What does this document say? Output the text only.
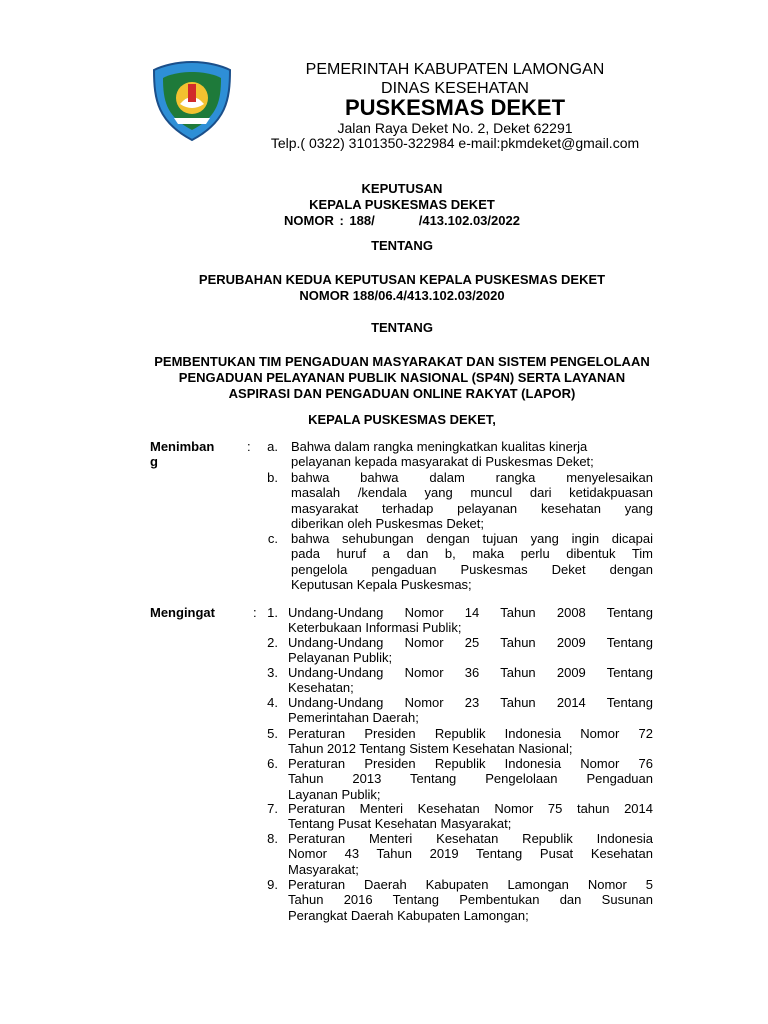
PEMERINTAH KABUPATEN LAMONGAN
DINAS KESEHATAN
PUSKESMAS DEKET
Jalan Raya Deket No. 2, Deket 62291
Telp.( 0322) 3101350-322984 e-mail:pkmdeket@gmail.com
KEPUTUSAN
KEPALA PUSKESMAS DEKET
NOMOR : 188/	/413.102.03/2022
TENTANG
PERUBAHAN KEDUA KEPUTUSAN KEPALA PUSKESMAS DEKET
NOMOR 188/06.4/413.102.03/2020
TENTANG
PEMBENTUKAN TIM PENGADUAN MASYARAKAT DAN SISTEM PENGELOLAAN
PENGADUAN PELAYANAN PUBLIK NASIONAL (SP4N) SERTA LAYANAN
ASPIRASI DAN PENGADUAN ONLINE RAKYAT (LAPOR)
KEPALA PUSKESMAS DEKET,
Menimban
g
:	a. Bahwa dalam rangka meningkatkan kualitas kinerja
pelayanan kepada masyarakat di Puskesmas Deket;
b. bahwa bahwa dalam rangka menyelesaikan
masalah /kendala yang muncul dari ketidakpuasan
masyarakat terhadap pelayanan kesehatan yang
diberikan oleh Puskesmas Deket;
c. bahwa sehubungan dengan tujuan yang ingin dicapai
pada huruf a dan b, maka perlu dibentuk Tim
pengelola pengaduan Puskesmas Deket dengan
Keputusan Kepala Puskesmas;
Mengingat	: 1. Undang-Undang Nomor 14 Tahun 2008 Tentang
Keterbukaan Informasi Publik;
2. Undang-Undang Nomor 25 Tahun 2009 Tentang
Pelayanan Publik;
3. Undang-Undang Nomor 36 Tahun 2009 Tentang
Kesehatan;
4. Undang-Undang Nomor 23 Tahun 2014 Tentang
Pemerintahan Daerah;
5. Peraturan Presiden Republik Indonesia Nomor 72
Tahun 2012 Tentang Sistem Kesehatan Nasional;
6. Peraturan Presiden Republik Indonesia Nomor 76
Tahun 2013 Tentang Pengelolaan Pengaduan
Layanan Publik;
7. Peraturan Menteri Kesehatan Nomor 75 tahun 2014
Tentang Pusat Kesehatan Masyarakat;
8. Peraturan Menteri Kesehatan Republik Indonesia
Nomor 43 Tahun 2019 Tentang Pusat Kesehatan
Masyarakat;
9. Peraturan Daerah Kabupaten Lamongan Nomor 5
Tahun 2016 Tentang Pembentukan dan Susunan
Perangkat Daerah Kabupaten Lamongan;
